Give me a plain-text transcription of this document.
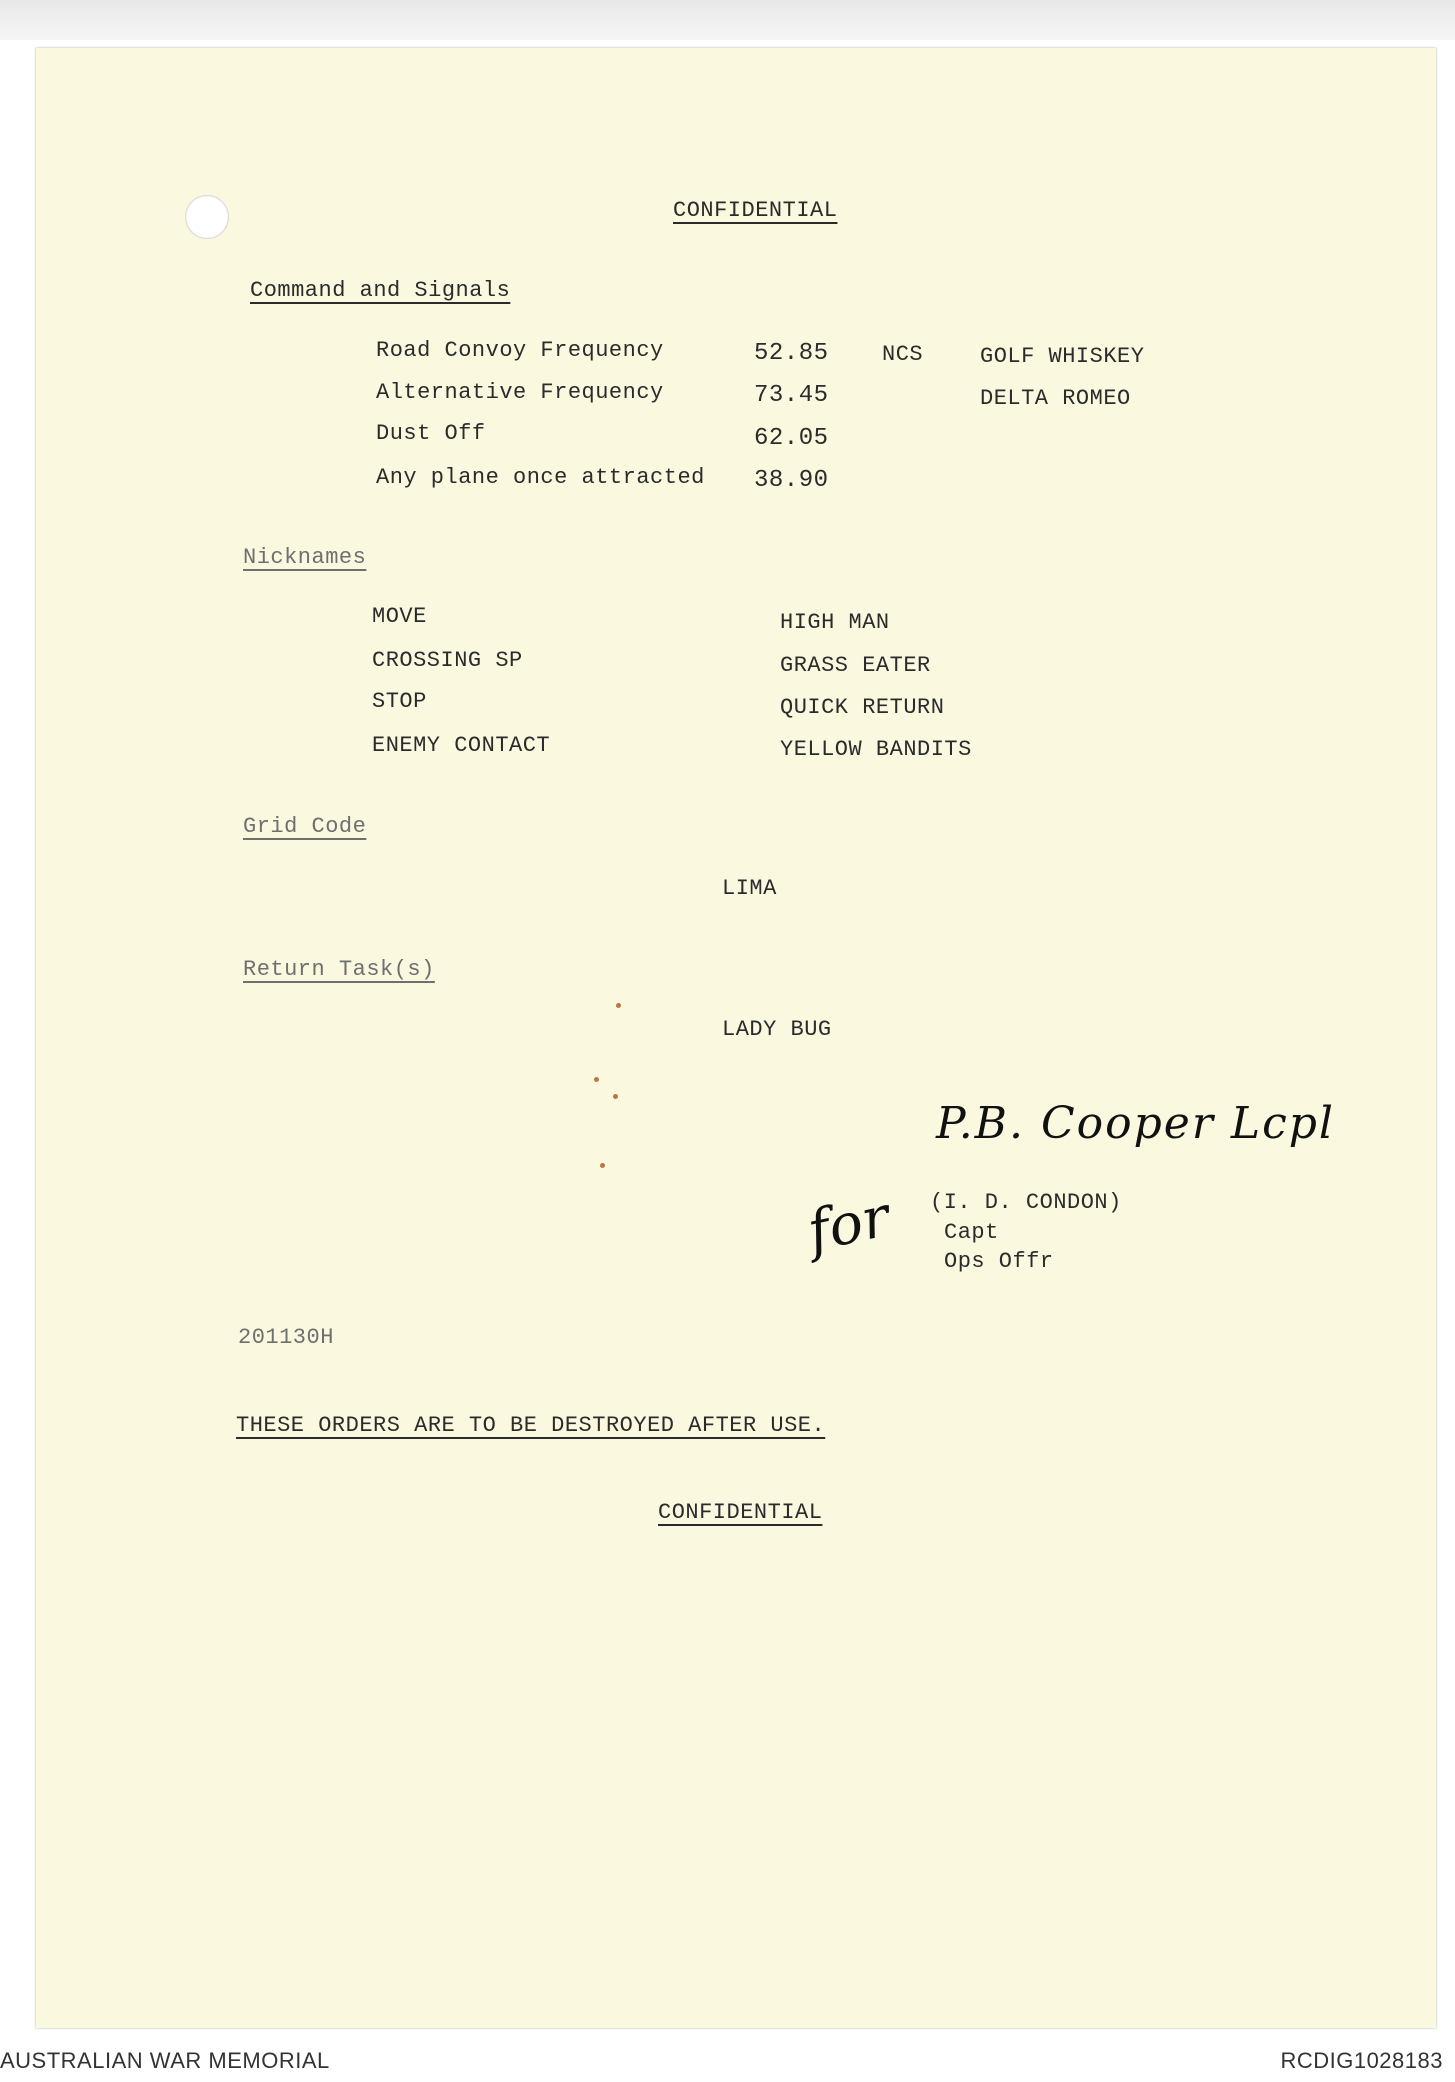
CONFIDENTIAL
Command and Signals
Road Convoy Frequency	52.85 NCS	GOLF WHISKEY
Alternative Frequency	73.45	DELTA ROMEO
Dust Off	62.05
Any plane once attracted 38.90
Nicknames
MOVE	HIGH MAN
CROSSING SP	GRASS EATER
STOP	QUICK RETURN
ENEMY CONTACT	YELLOW BANDITS
Grid Code
LIMA
Return Task(s)
LADY BUG
P.B. Cooper Lcpl
for (I. D. CONDON)
Capt
Ops Offr
201130H
THESE ORDERS ARE TO BE DESTROYED AFTER USE.
CONFIDENTIAL
AUSTRALIAN WAR MEMORIAL	RCDIG1028183
